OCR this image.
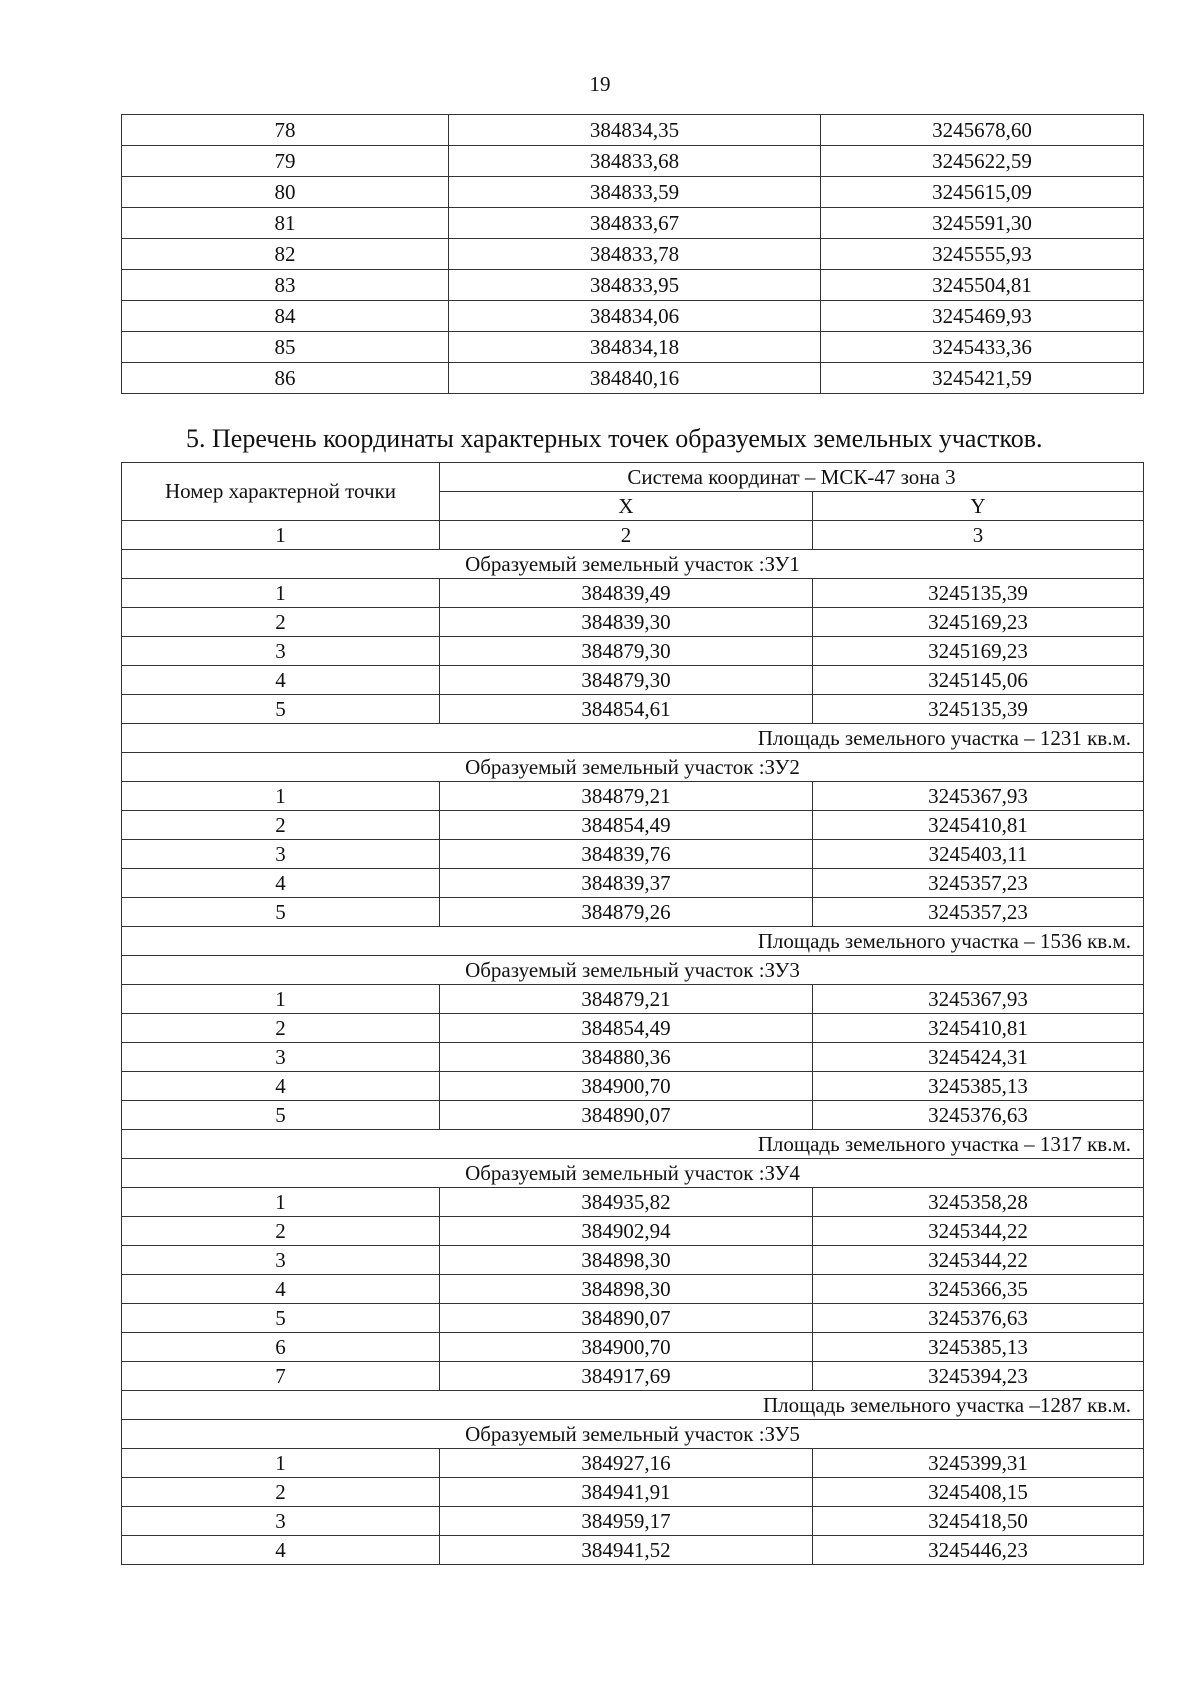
19
78	384834,35	3245678,60
79	384833,68	3245622,59
80	384833,59	3245615,09
81	384833,67	3245591,30
82	384833,78	3245555,93
83	384833,95	3245504,81
84	384834,06	3245469,93
85	384834,18	3245433,36
86	384840,16	3245421,59
5. Перечень координаты характерных точек образуемых земельных участков.
Номер характерной точки	Система координат – МСК-47 зона 3	
	X	Y
1	2	3
Образуемый земельный участок :ЗУ1		
1	384839,49	3245135,39
2	384839,30	3245169,23
3	384879,30	3245169,23
4	384879,30	3245145,06
5	384854,61	3245135,39
Площадь земельного участка – 1231 кв.м.		
Образуемый земельный участок :ЗУ2		
1	384879,21	3245367,93
2	384854,49	3245410,81
3	384839,76	3245403,11
4	384839,37	3245357,23
5	384879,26	3245357,23
Площадь земельного участка – 1536 кв.м.		
Образуемый земельный участок :ЗУ3		
1	384879,21	3245367,93
2	384854,49	3245410,81
3	384880,36	3245424,31
4	384900,70	3245385,13
5	384890,07	3245376,63
Площадь земельного участка – 1317 кв.м.		
Образуемый земельный участок :ЗУ4		
1	384935,82	3245358,28
2	384902,94	3245344,22
3	384898,30	3245344,22
4	384898,30	3245366,35
5	384890,07	3245376,63
6	384900,70	3245385,13
7	384917,69	3245394,23
Площадь земельного участка –1287 кв.м.		
Образуемый земельный участок :ЗУ5		
1	384927,16	3245399,31
2	384941,91	3245408,15
3	384959,17	3245418,50
4	384941,52	3245446,23
